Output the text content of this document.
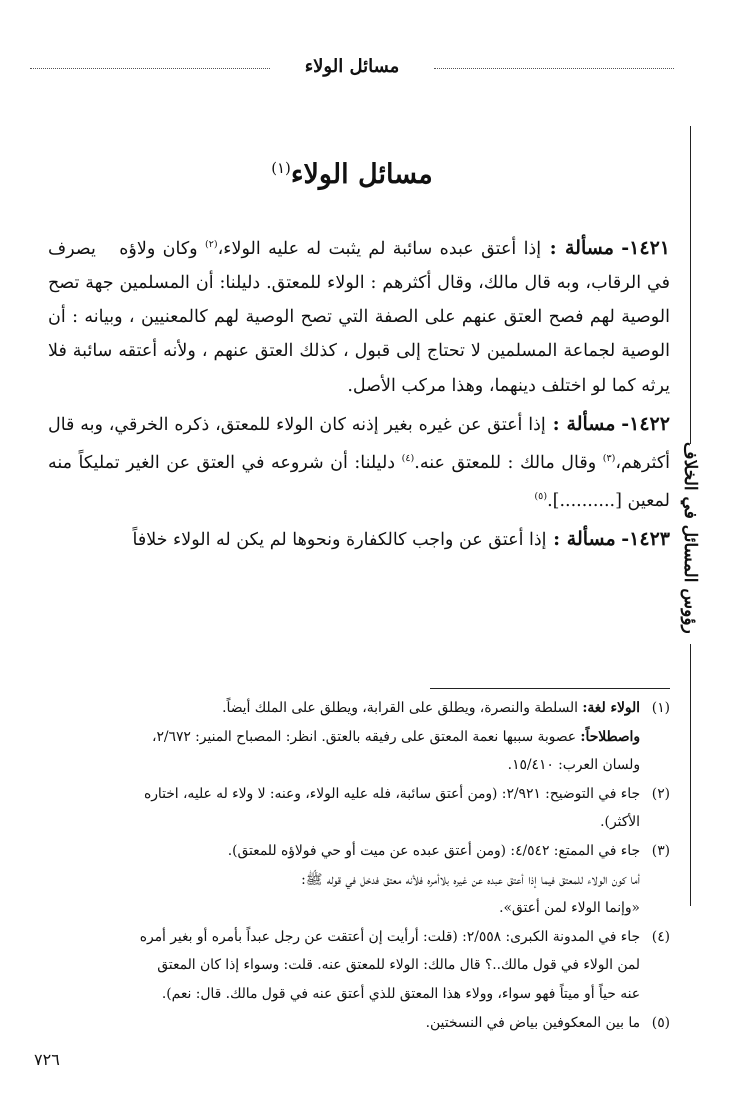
مسائل الولاء
رؤوس المسائل في الخلاف
مسائل الولاء$^{(١)}$

١٤٢١- مسألة : إذا أعتق عبده سائبة لم يثبت له عليه الولاء،$^{(٢)}$ وكان ولاؤه يصرف في الرقاب، وبه قال مالك، وقال أكثرهم : الولاء للمعتق. دليلنا: أن المسلمين جهة تصح الوصية لهم فصح العتق عنهم على الصفة التي تصح الوصية لهم كالمعنيين ، وبيانه : أن الوصية لجماعة المسلمين لا تحتاج إلى قبول ، كذلك العتق عنهم ، ولأنه أعتقه سائبة فلا يرثه كما لو اختلف دينهما، وهذا مركب الأصل.

١٤٢٢- مسألة : إذا أعتق عن غيره بغير إذنه كان الولاء للمعتق، ذكره الخرقي، وبه قال أكثرهم،$^{(٣)}$ وقال مالك : للمعتق عنه.$^{(٤)}$ دليلنا: أن شروعه في العتق عن الغير تمليكاً منه لمعين [..........].$^{(٥)}$

١٤٢٣- مسألة : إذا أعتق عن واجب كالكفارة ونحوها لم يكن له الولاء خلافاً

(١)
الولاء لغة: السلطة والنصرة، ويطلق على القرابة، ويطلق على الملك أيضاً.
واصطلاحاً: عصوبة سببها نعمة المعتق على رفيقه بالعتق. انظر: المصباح المنير: ٢/٦٧٢،
ولسان العرب: ١٥/٤١٠.
(٢)
جاء في التوضيح: ٢/٩٢١: (ومن أعتق سائبة، فله عليه الولاء، وعنه: لا ولاء له عليه، اختاره
الأكثر).
(٣)
جاء في الممتع: ٤/٥٤٢: (ومن أعتق عبده عن ميت أو حي فولاؤه للمعتق).
أما كون الولاء للمعتق فيما إذا أعتق عبده عن غيره بلاأمره فلأنه معتق فدخل في قوله ﷺ:
«وإنما الولاء لمن أعتق».
(٤)
جاء في المدونة الكبرى: ٢/٥٥٨: (قلت: أرأيت إن أعتقت عن رجل عبداً بأمره أو بغير أمره
لمن الولاء في قول مالك..؟ قال مالك: الولاء للمعتق عنه. قلت: وسواء إذا كان المعتق
عنه حياً أو ميتاً فهو سواء، وولاء هذا المعتق للذي أعتق عنه في قول مالك. قال: نعم).
(٥)
ما بين المعكوفين بياض في النسختين.
٧٢٦
